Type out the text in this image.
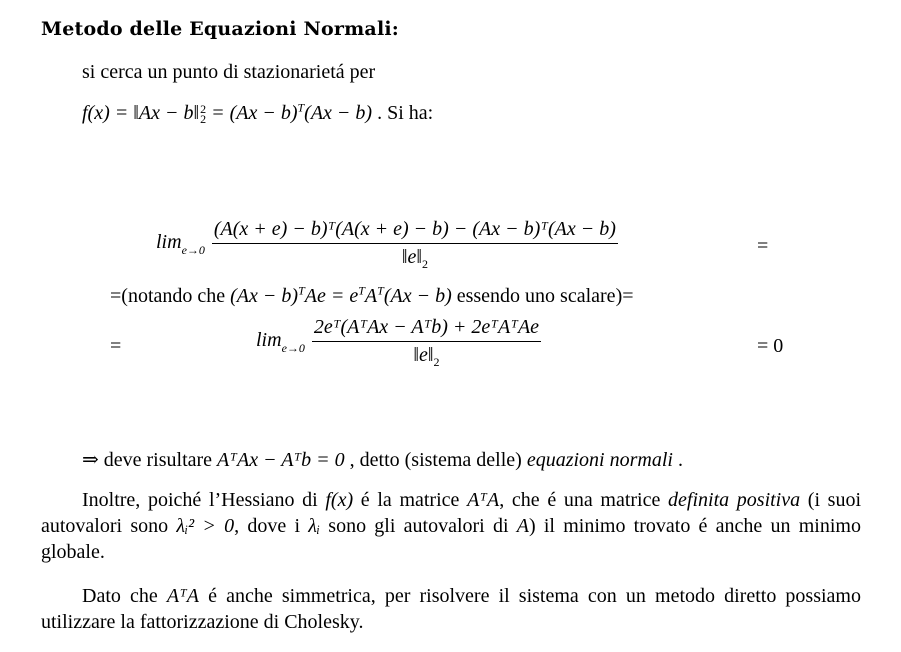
Metodo delle Equazioni Normali:
si cerca un punto di stazionarietá per
f(x) = ‖Ax − b‖ 2
$2 = (Ax - b)^T(Ax - b)$ . Si ha:
$\lim_{e\to 0} \frac{\text{(A(x + e) − b)ᵀ(A(x + e) − b) − (Ax − b)ᵀ(Ax − b)}}{‖e‖_2}$	=
=(notando che $(Ax - b)^TAe = e^TA^T(Ax - b)$ essendo uno scalare)=
=	$\lim_{e\to 0} \frac{\text{2eᵀ(AᵀAx − Aᵀb) + 2eᵀAᵀAe}}{‖e‖_2}$	= 0
⇒ deve risultare AᵀAx − Aᵀb = 0 , detto (sistema delle) equazioni normali .
Inoltre, poiché l’Hessiano di f(x) é la matrice AᵀA, che é una matrice definita positiva (i suoi autovalori sono λᵢ² > 0, dove i λᵢ sono gli autovalori di A) il minimo trovato é anche un minimo globale.
Dato che AᵀA é anche simmetrica, per risolvere il sistema con un metodo diretto possiamo utilizzare la fattorizzazione di Cholesky.
